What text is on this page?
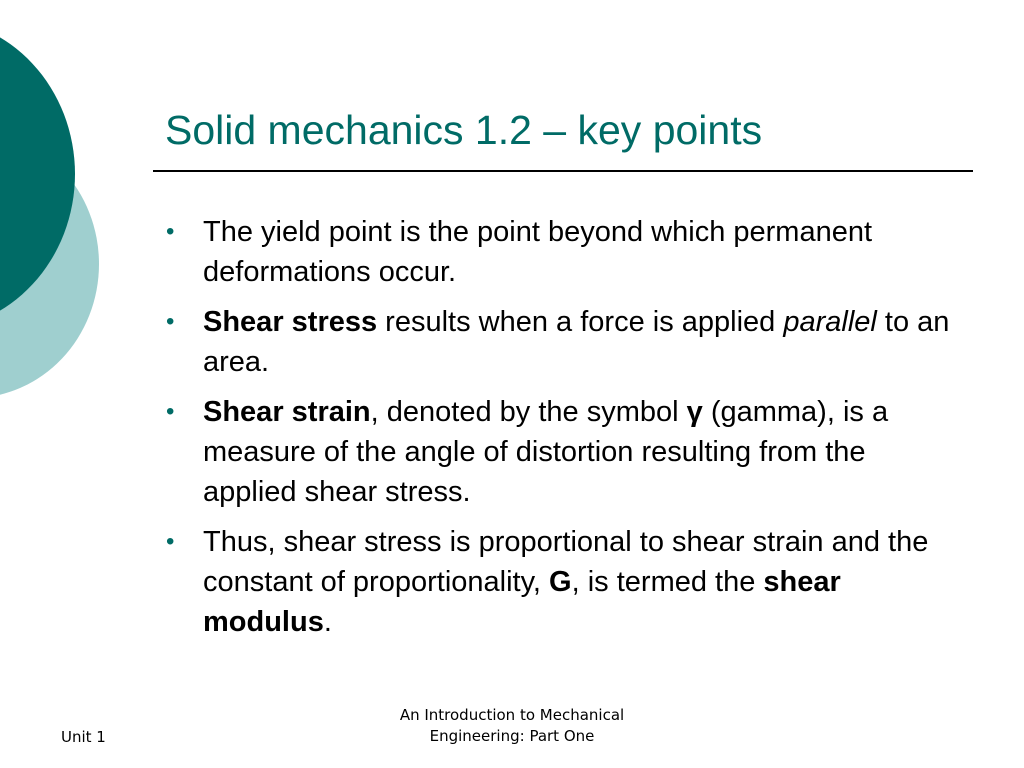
Solid mechanics 1.2 – key points
• The yield point is the point beyond which permanent deformations occur.
• Shear stress results when a force is applied parallel to an area.
• Shear strain, denoted by the symbol γ (gamma), is a measure of the angle of distortion resulting from the applied shear stress.
• Thus, shear stress is proportional to shear strain and the constant of proportionality, G, is termed the shear modulus.
Unit 1
An Introduction to Mechanical
Engineering: Part One
